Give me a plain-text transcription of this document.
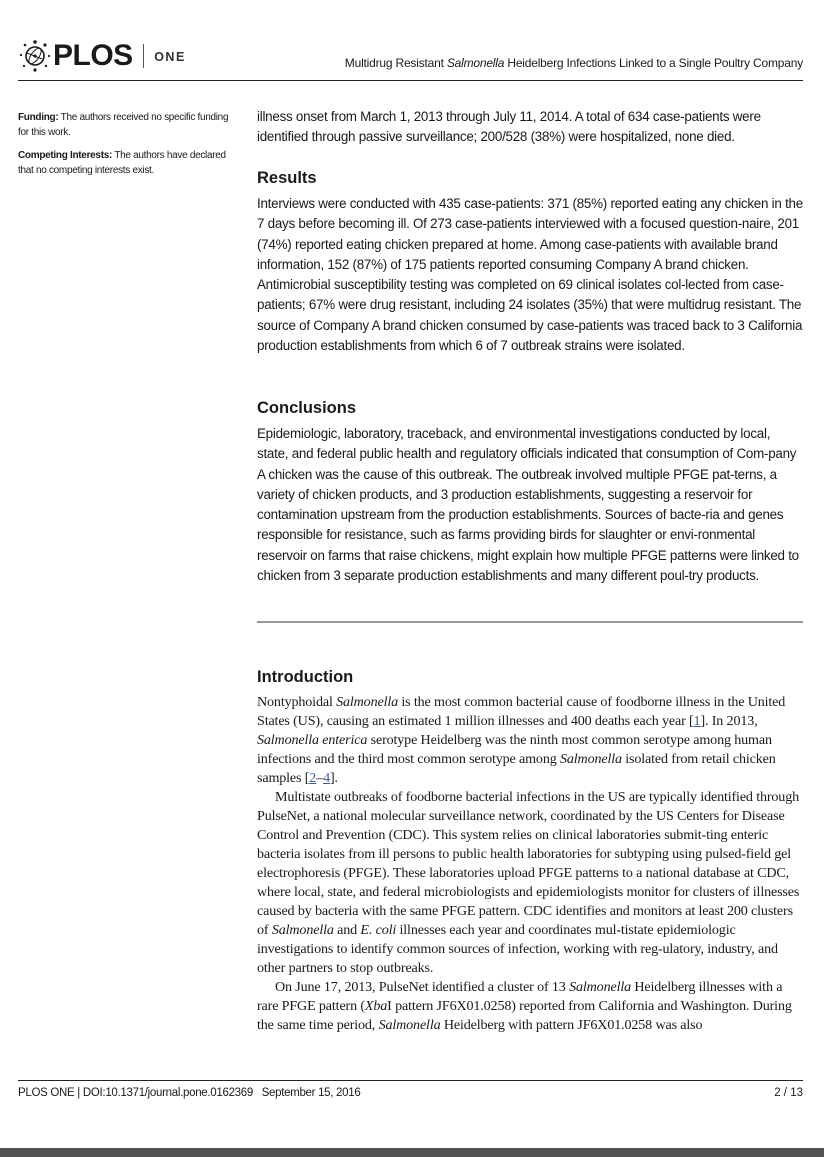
PLOS ONE	Multidrug Resistant Salmonella Heidelberg Infections Linked to a Single Poultry Company

Funding: The authors received no specific funding for this work.

Competing Interests: The authors have declared that no competing interests exist.

illness onset from March 1, 2013 through July 11, 2014. A total of 634 case-patients were identified through passive surveillance; 200/528 (38%) were hospitalized, none died.

Results

Interviews were conducted with 435 case-patients: 371 (85%) reported eating any chicken in the 7 days before becoming ill. Of 273 case-patients interviewed with a focused question-naire, 201 (74%) reported eating chicken prepared at home. Among case-patients with available brand information, 152 (87%) of 175 patients reported consuming Company A brand chicken. Antimicrobial susceptibility testing was completed on 69 clinical isolates col-lected from case-patients; 67% were drug resistant, including 24 isolates (35%) that were multidrug resistant. The source of Company A brand chicken consumed by case-patients was traced back to 3 California production establishments from which 6 of 7 outbreak strains were isolated.

Conclusions

Epidemiologic, laboratory, traceback, and environmental investigations conducted by local, state, and federal public health and regulatory officials indicated that consumption of Com-pany A chicken was the cause of this outbreak. The outbreak involved multiple PFGE pat-terns, a variety of chicken products, and 3 production establishments, suggesting a reservoir for contamination upstream from the production establishments. Sources of bacte-ria and genes responsible for resistance, such as farms providing birds for slaughter or envi-ronmental reservoir on farms that raise chickens, might explain how multiple PFGE patterns were linked to chicken from 3 separate production establishments and many different poul-try products.

Introduction

Nontyphoidal Salmonella is the most common bacterial cause of foodborne illness in the United States (US), causing an estimated 1 million illnesses and 400 deaths each year [1]. In 2013, Salmonella enterica serotype Heidelberg was the ninth most common serotype among human infections and the third most common serotype among Salmonella isolated from retail chicken samples [2–4].

Multistate outbreaks of foodborne bacterial infections in the US are typically identified through PulseNet, a national molecular surveillance network, coordinated by the US Centers for Disease Control and Prevention (CDC). This system relies on clinical laboratories submit-ting enteric bacteria isolates from ill persons to public health laboratories for subtyping using pulsed-field gel electrophoresis (PFGE). These laboratories upload PFGE patterns to a national database at CDC, where local, state, and federal microbiologists and epidemiologists monitor for clusters of illnesses caused by bacteria with the same PFGE pattern. CDC identifies and monitors at least 200 clusters of Salmonella and E. coli illnesses each year and coordinates mul-tistate epidemiologic investigations to identify common sources of infection, working with reg-ulatory, industry, and other partners to stop outbreaks.

On June 17, 2013, PulseNet identified a cluster of 13 Salmonella Heidelberg illnesses with a rare PFGE pattern (XbaI pattern JF6X01.0258) reported from California and Washington. During the same time period, Salmonella Heidelberg with pattern JF6X01.0258 was also

PLOS ONE | DOI:10.1371/journal.pone.0162369   September 15, 2016	2 / 13
